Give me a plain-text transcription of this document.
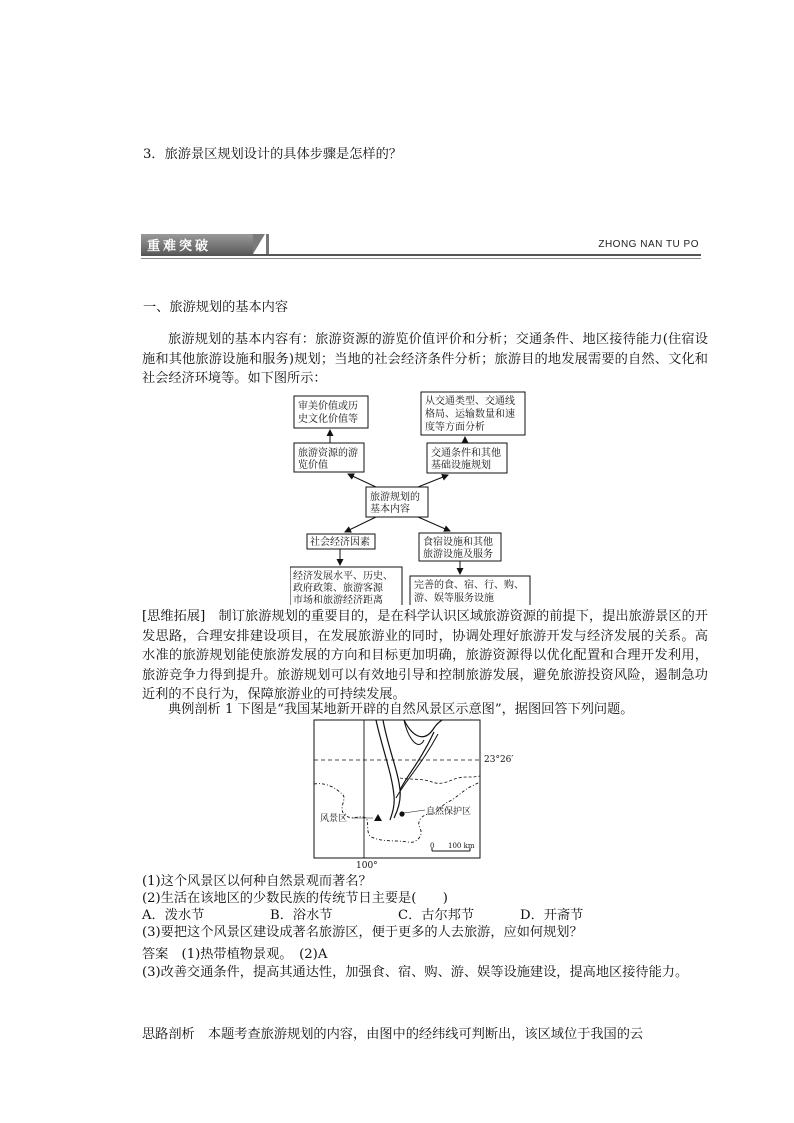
3．旅游景区规划设计的具体步骤是怎样的？
重难突破	ZHONG NAN TU PO
一、旅游规划的基本内容
旅游规划的基本内容有：旅游资源的游览价值评价和分析；交通条件、地区接待能力(住宿设施和其他旅游设施和服务)规划；当地的社会经济条件分析；旅游目的地发展需要的自然、文化和社会经济环境等。如下图所示：
审美价值或历 史文化价值等
旅游资源的游 览价值
从交通类型、交通线 格局、运输数量和速 度等方面分析
交通条件和其他 基础设施规划
旅游规划的 基本内容
社会经济因素	食宿设施和其他 旅游设施及服务
经济发展水平、历史、 政府政策、旅游客源 市场和旅游经济距离
完善的食、宿、行、购、 游、娱等服务设施
[思维拓展]　制订旅游规划的重要目的，是在科学认识区域旅游资源的前提下，提出旅游景区的开发思路，合理安排建设项目，在发展旅游业的同时，协调处理好旅游开发与经济发展的关系。高水准的旅游规划能使旅游发展的方向和目标更加明确，旅游资源得以优化配置和合理开发利用，旅游竞争力得到提升。旅游规划可以有效地引导和控制旅游发展，避免旅游投资风险，遏制急功近利的不良行为，保障旅游业的可持续发展。
典例剖析 1 下图是“我国某地新开辟的自然风景区示意图”，据图回答下列问题。
23°26′
100°
风景区
自然保护区
0 100 km
(1)这个风景区以何种自然景观而著名？
(2)生活在该地区的少数民族的传统节日主要是(　　)
A．泼水节	B．浴水节	C．古尔邦节	D．开斋节
(3)要把这个风景区建设成著名旅游区，便于更多的人去旅游，应如何规划？
答案　(1)热带植物景观。　(2)A
(3)改善交通条件，提高其通达性，加强食、宿、购、游、娱等设施建设，提高地区接待能力。
思路剖析　本题考查旅游规划的内容，由图中的经纬线可判断出，该区域位于我国的云
